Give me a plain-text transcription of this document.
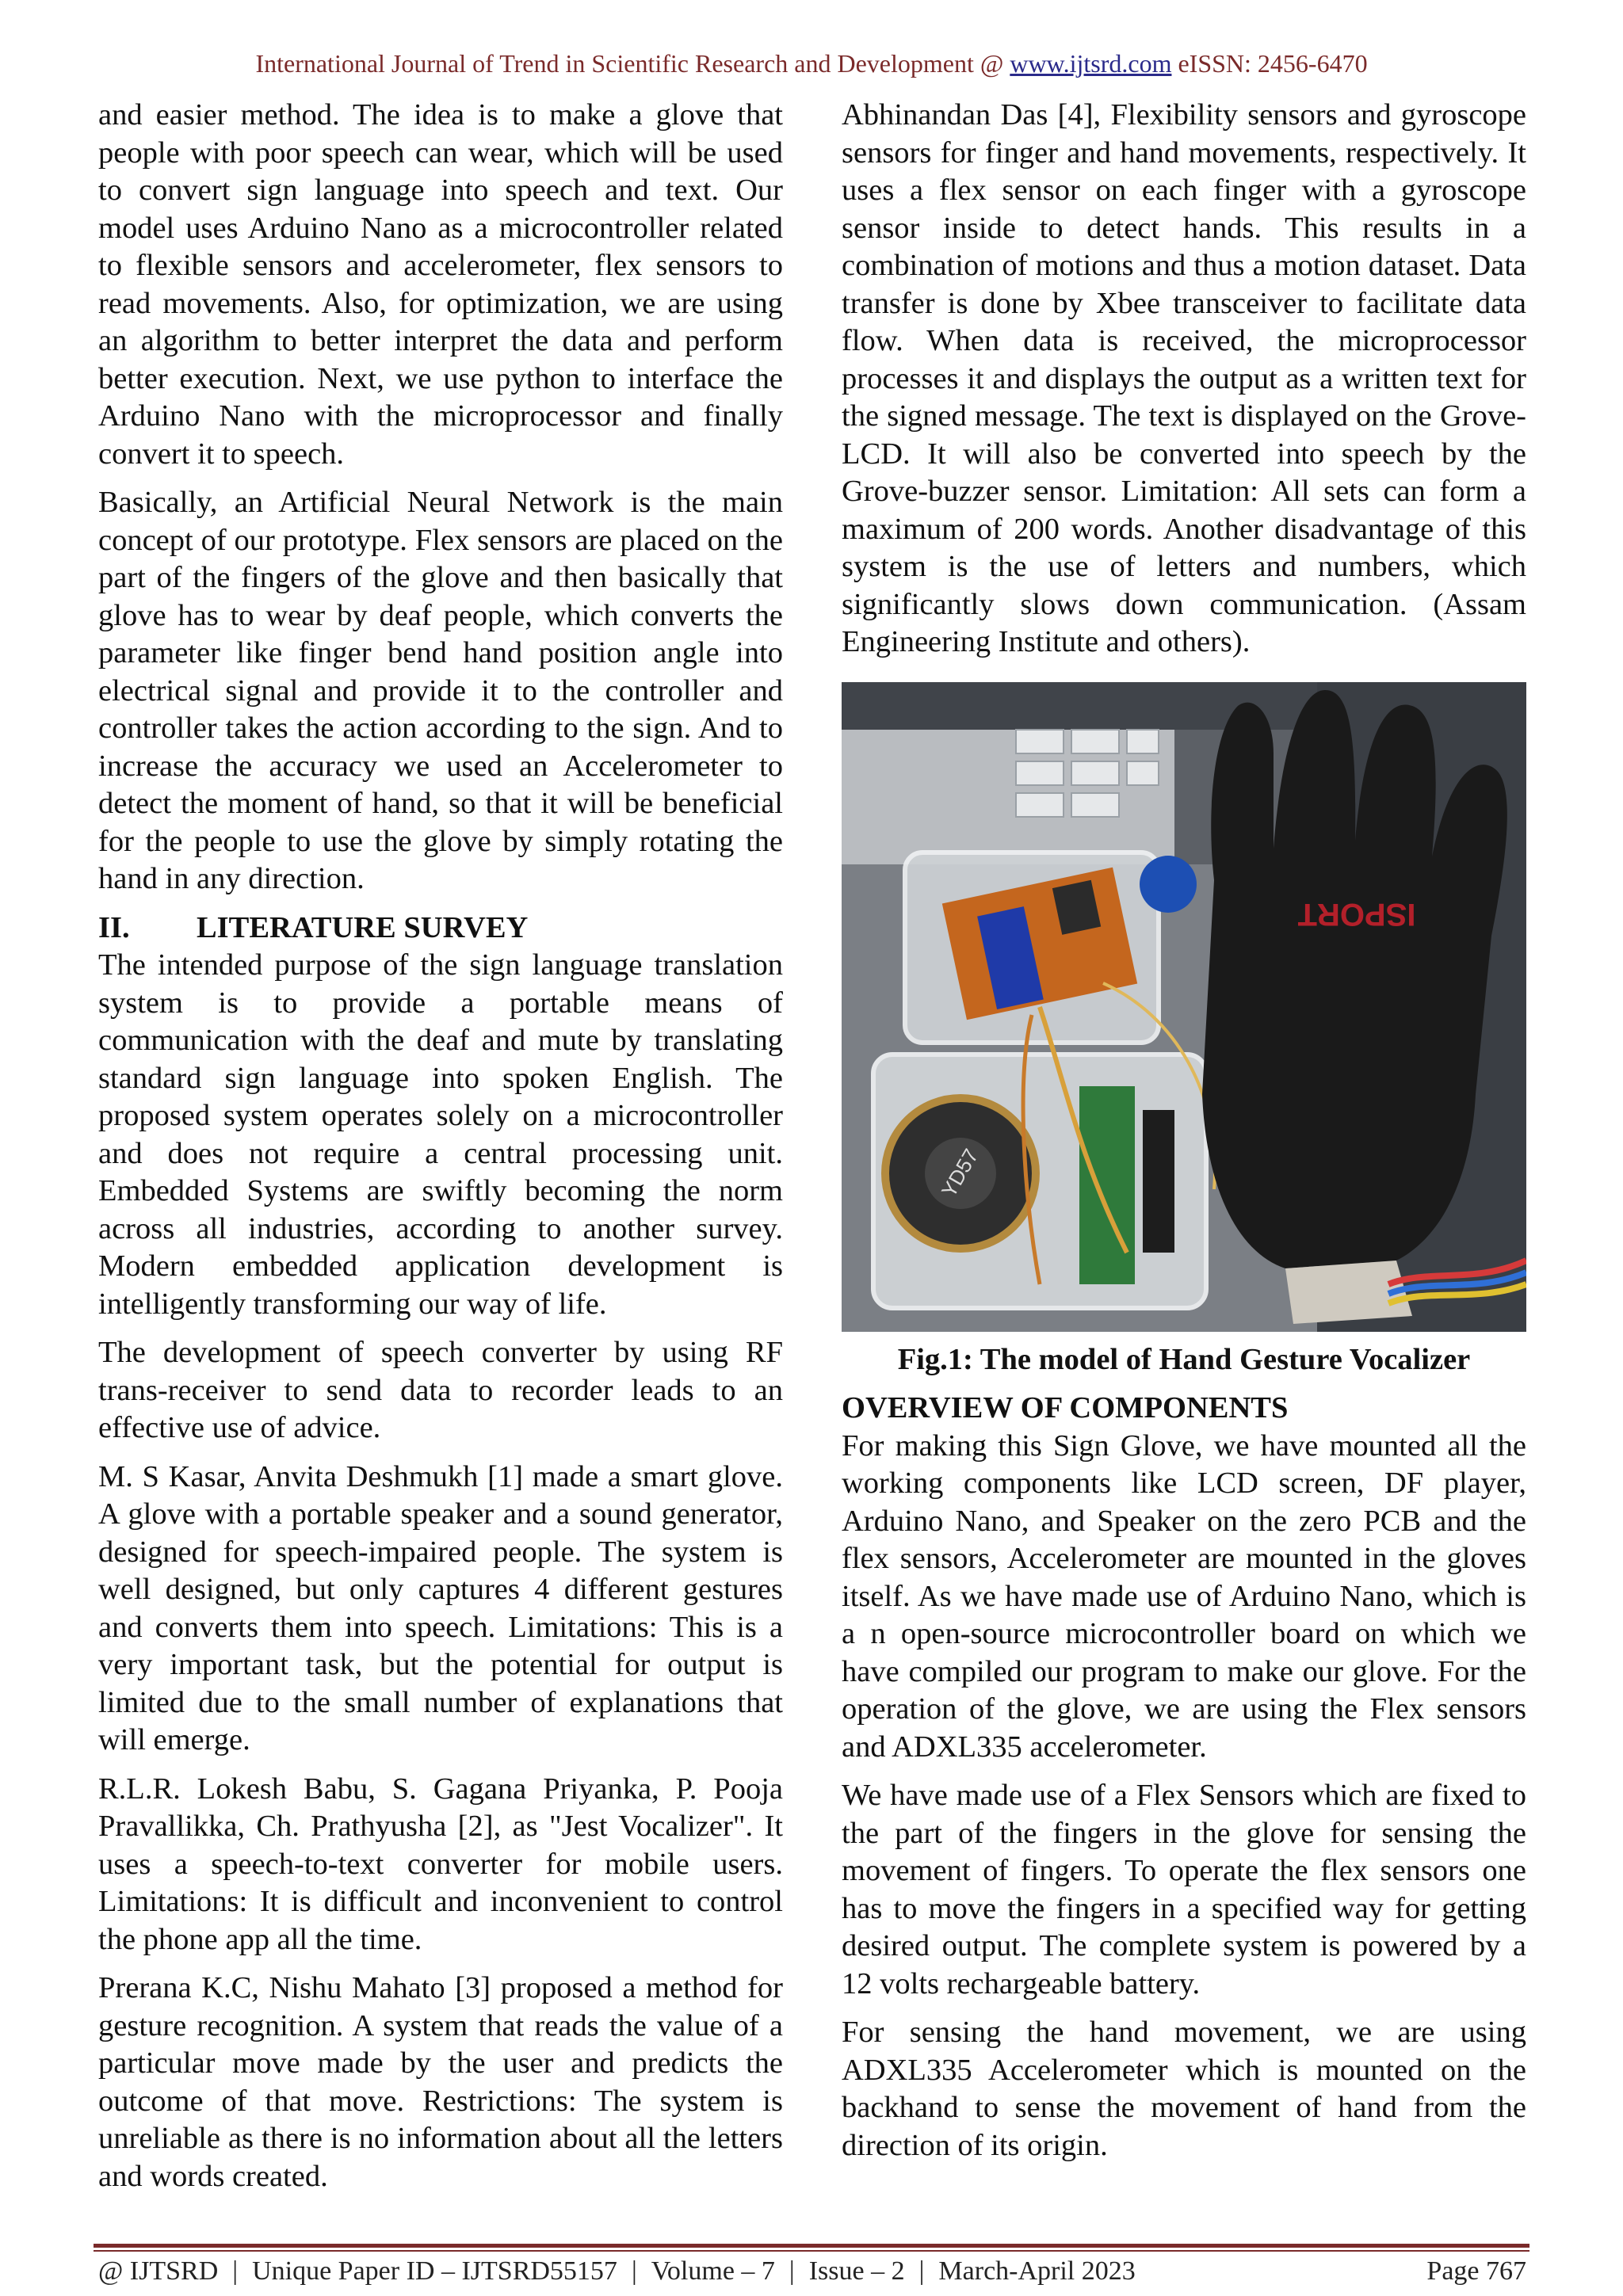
International Journal of Trend in Scientific Research and Development @ www.ijtsrd.com eISSN: 2456-6470

and easier method. The idea is to make a glove that people with poor speech can wear, which will be used to convert sign language into speech and text. Our model uses Arduino Nano as a microcontroller related to flexible sensors and accelerometer, flex sensors to read movements. Also, for optimization, we are using an algorithm to better interpret the data and perform better execution. Next, we use python to interface the Arduino Nano with the microprocessor and finally convert it to speech.

Basically, an Artificial Neural Network is the main concept of our prototype. Flex sensors are placed on the part of the fingers of the glove and then basically that glove has to wear by deaf people, which converts the parameter like finger bend hand position angle into electrical signal and provide it to the controller and controller takes the action according to the sign. And to increase the accuracy we used an Accelerometer to detect the moment of hand, so that it will be beneficial for the people to use the glove by simply rotating the hand in any direction.

II. LITERATURE SURVEY

The intended purpose of the sign language translation system is to provide a portable means of communication with the deaf and mute by translating standard sign language into spoken English. The proposed system operates solely on a microcontroller and does not require a central processing unit. Embedded Systems are swiftly becoming the norm across all industries, according to another survey. Modern embedded application development is intelligently transforming our way of life.

The development of speech converter by using RF trans-receiver to send data to recorder leads to an effective use of advice.

M. S Kasar, Anvita Deshmukh [1] made a smart glove. A glove with a portable speaker and a sound generator, designed for speech-impaired people. The system is well designed, but only captures 4 different gestures and converts them into speech. Limitations: This is a very important task, but the potential for output is limited due to the small number of explanations that will emerge.

R.L.R. Lokesh Babu, S. Gagana Priyanka, P. Pooja Pravallikka, Ch. Prathyusha [2], as "Jest Vocalizer". It uses a speech-to-text converter for mobile users. Limitations: It is difficult and inconvenient to control the phone app all the time.

Prerana K.C, Nishu Mahato [3] proposed a method for gesture recognition. A system that reads the value of a particular move made by the user and predicts the outcome of that move. Restrictions: The system is unreliable as there is no information about all the letters and words created.

Abhinandan Das [4], Flexibility sensors and gyroscope sensors for finger and hand movements, respectively. It uses a flex sensor on each finger with a gyroscope sensor inside to detect hands. This results in a combination of motions and thus a motion dataset. Data transfer is done by Xbee transceiver to facilitate data flow. When data is received, the microprocessor processes it and displays the output as a written text for the signed message. The text is displayed on the Grove-LCD. It will also be converted into speech by the Grove-buzzer sensor. Limitation: All sets can form a maximum of 200 words. Another disadvantage of this system is the use of letters and numbers, which significantly slows down communication. (Assam Engineering Institute and others).

YD57
ISPORT
Fig.1: The model of Hand Gesture Vocalizer
OVERVIEW OF COMPONENTS

For making this Sign Glove, we have mounted all the working components like LCD screen, DF player, Arduino Nano, and Speaker on the zero PCB and the flex sensors, Accelerometer are mounted in the gloves itself. As we have made use of Arduino Nano, which is a n open-source microcontroller board on which we have compiled our program to make our glove. For the operation of the glove, we are using the Flex sensors and ADXL335 accelerometer.

We have made use of a Flex Sensors which are fixed to the part of the fingers in the glove for sensing the movement of fingers. To operate the flex sensors one has to move the fingers in a specified way for getting desired output. The complete system is powered by a 12 volts rechargeable battery.

For sensing the hand movement, we are using ADXL335 Accelerometer which is mounted on the backhand to sense the movement of hand from the direction of its origin.

@ IJTSRD | Unique Paper ID – IJTSRD55157 | Volume – 7 | Issue – 2 | March-April 2023	Page 767
